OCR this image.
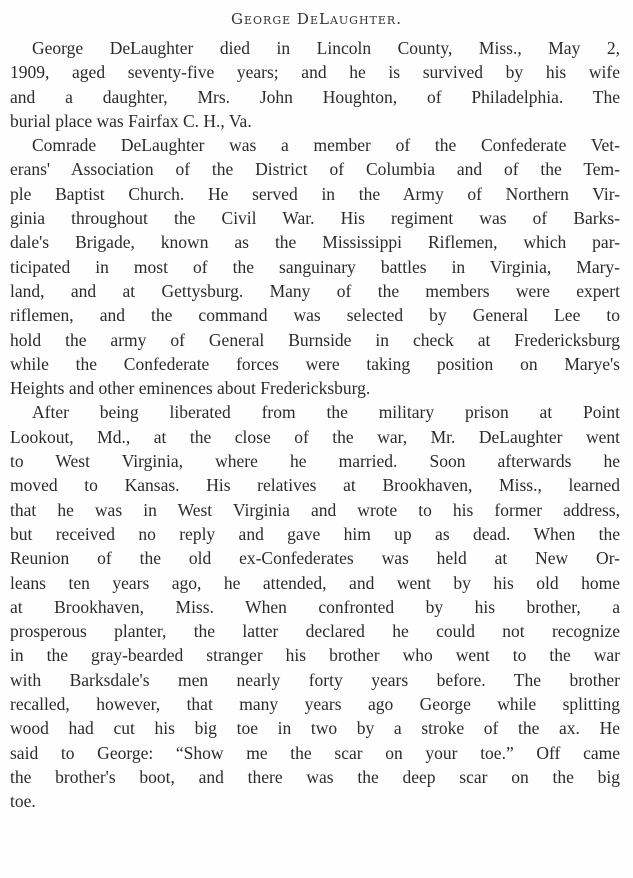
George DeLaughter.
George DeLaughter died in Lincoln County, Miss., May 2,
1909, aged seventy-five years; and he is survived by his wife
and a daughter, Mrs. John Houghton, of Philadelphia. The
burial place was Fairfax C. H., Va.
Comrade DeLaughter was a member of the Confederate Vet-
erans' Association of the District of Columbia and of the Tem-
ple Baptist Church. He served in the Army of Northern Vir-
ginia throughout the Civil War. His regiment was of Barks-
dale's Brigade, known as the Mississippi Riflemen, which par-
ticipated in most of the sanguinary battles in Virginia, Mary-
land, and at Gettysburg. Many of the members were expert
riflemen, and the command was selected by General Lee to
hold the army of General Burnside in check at Fredericksburg
while the Confederate forces were taking position on Marye's
Heights and other eminences about Fredericksburg.
After being liberated from the military prison at Point
Lookout, Md., at the close of the war, Mr. DeLaughter went
to West Virginia, where he married. Soon afterwards he
moved to Kansas. His relatives at Brookhaven, Miss., learned
that he was in West Virginia and wrote to his former address,
but received no reply and gave him up as dead. When the
Reunion of the old ex-Confederates was held at New Or-
leans ten years ago, he attended, and went by his old home
at Brookhaven, Miss. When confronted by his brother, a
prosperous planter, the latter declared he could not recognize
in the gray-bearded stranger his brother who went to the war
with Barksdale's men nearly forty years before. The brother
recalled, however, that many years ago George while splitting
wood had cut his big toe in two by a stroke of the ax. He
said to George: “Show me the scar on your toe.” Off came
the brother's boot, and there was the deep scar on the big
toe.
